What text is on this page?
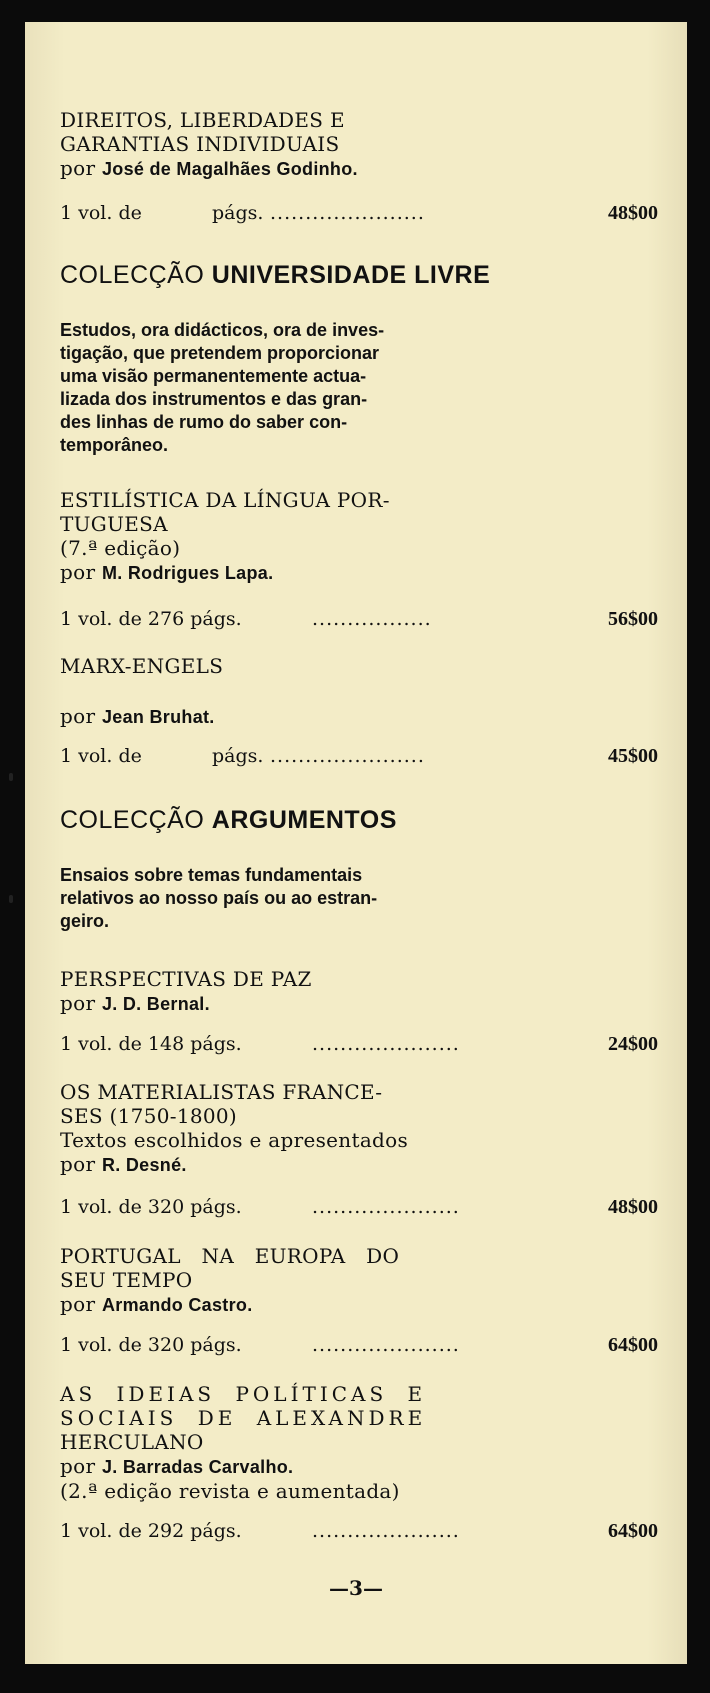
DIREITOS, LIBERDADES E
GARANTIAS INDIVIDUAIS
por José de Magalhães Godinho.
1 vol. de	págs. ......................	48$00
COLECÇÃO UNIVERSIDADE LIVRE
Estudos, ora didácticos, ora de inves-
tigação, que pretendem proporcionar
uma visão permanentemente actua-
lizada dos instrumentos e das gran-
des linhas de rumo do saber con-
temporâneo.
ESTILÍSTICA DA LÍNGUA POR-
TUGUESA
(7.ª edição)
por M. Rodrigues Lapa.
1 vol. de 276 págs.	.................	56$00
MARX-ENGELS
por Jean Bruhat.
1 vol. de	págs. ......................	45$00
COLECÇÃO ARGUMENTOS
Ensaios sobre temas fundamentais
relativos ao nosso país ou ao estran-
geiro.
PERSPECTIVAS DE PAZ
por J. D. Bernal.
1 vol. de 148 págs.	.....................	24$00
OS MATERIALISTAS FRANCE-
SES (1750-1800)
Textos escolhidos e apresentados
por R. Desné.
1 vol. de 320 págs.	.....................	48$00
PORTUGAL NA EUROPA DO
SEU TEMPO
por Armando Castro.
1 vol. de 320 págs.	.....................	64$00
AS IDEIAS POLÍTICAS E
SOCIAIS DE ALEXANDRE
HERCULANO
por J. Barradas Carvalho.
(2.ª edição revista e aumentada)
1 vol. de 292 págs.	.....................	64$00
—3—
